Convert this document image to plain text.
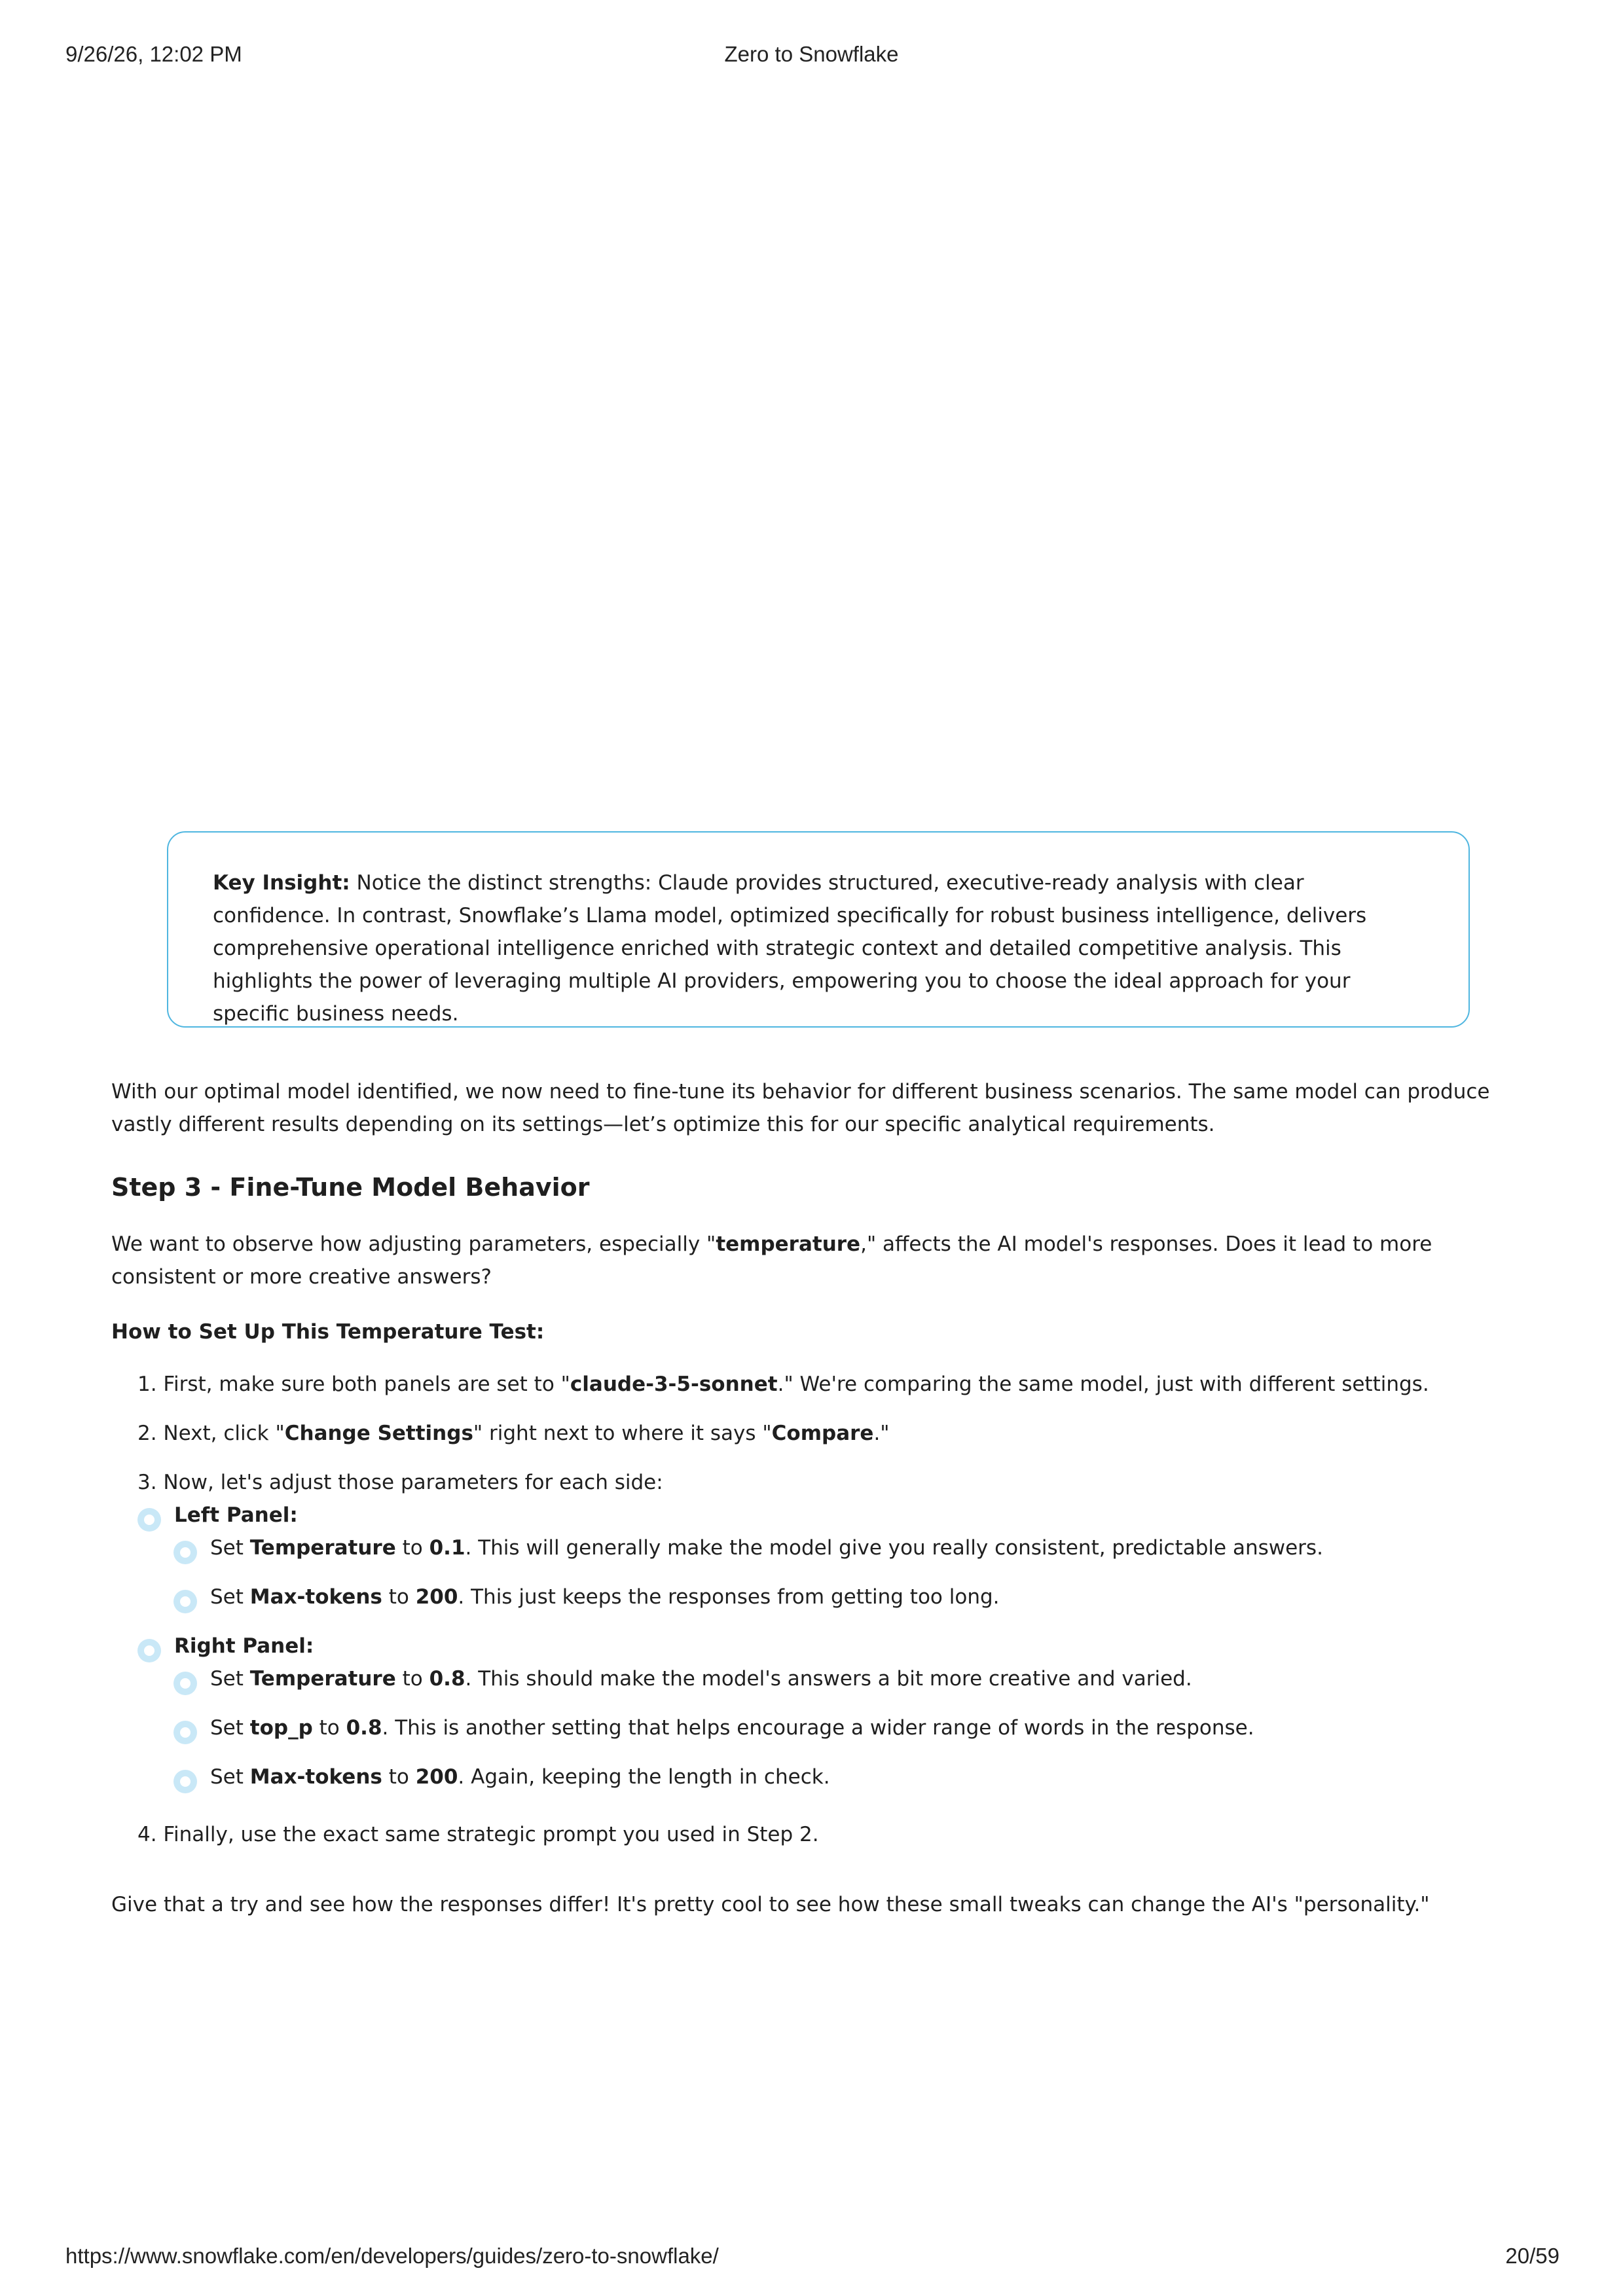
9/26/26, 12:02 PM	Zero to Snowflake
Key Insight: Notice the distinct strengths: Claude provides structured, executive-ready analysis with clear confidence. In contrast, Snowflake’s Llama model, optimized specifically for robust business intelligence, delivers comprehensive operational intelligence enriched with strategic context and detailed competitive analysis. This highlights the power of leveraging multiple AI providers, empowering you to choose the ideal approach for your specific business needs.
With our optimal model identified, we now need to fine-tune its behavior for different business scenarios. The same model can produce vastly different results depending on its settings—let’s optimize this for our specific analytical requirements.
Step 3 - Fine-Tune Model Behavior
We want to observe how adjusting parameters, especially "temperature," affects the AI model's responses. Does it lead to more consistent or more creative answers?
How to Set Up This Temperature Test:
1. First, make sure both panels are set to "claude-3-5-sonnet." We're comparing the same model, just with different settings.
2. Next, click "Change Settings" right next to where it says "Compare."
3. Now, let's adjust those parameters for each side:
Left Panel:
Set Temperature to 0.1. This will generally make the model give you really consistent, predictable answers.
Set Max-tokens to 200. This just keeps the responses from getting too long.
Right Panel:
Set Temperature to 0.8. This should make the model's answers a bit more creative and varied.
Set top_p to 0.8. This is another setting that helps encourage a wider range of words in the response.
Set Max-tokens to 200. Again, keeping the length in check.
4. Finally, use the exact same strategic prompt you used in Step 2.
Give that a try and see how the responses differ! It's pretty cool to see how these small tweaks can change the AI's "personality."
https://www.snowflake.com/en/developers/guides/zero-to-snowflake/	20/59
